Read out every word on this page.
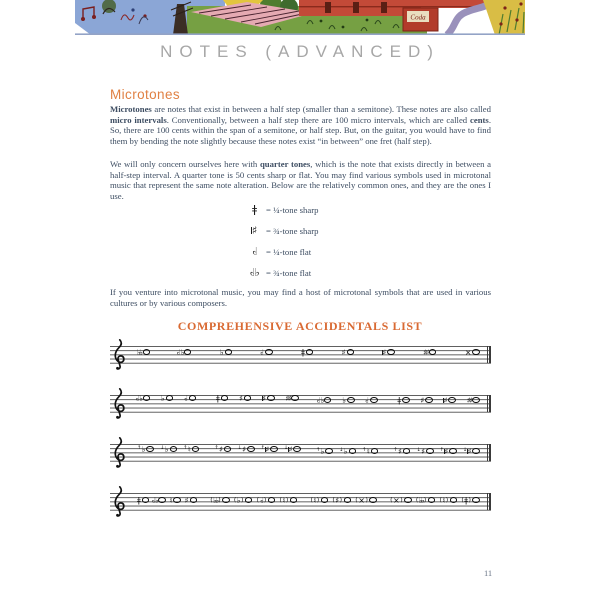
Coda
NOTES (ADVANCED)
Microtones
Microtones are notes that exist in between a half step (smaller than a semitone). These notes are also called micro intervals. Conventionally, between a half step there are 100 micro intervals, which are called cents. So, there are 100 cents within the span of a semitone, or half step. But, on the guitar, you would have to find them by bending the note slightly because these notes exist “in between” one fret (half step).
We will only concern ourselves here with quarter tones, which is the note that exists directly in between a half-step interval. A quarter tone is 50 cents sharp or flat. You may find various symbols used in microtonal music that represent the same note alteration. Below are the relatively common ones, and they are the ones I use.
ǂ	= ¼-tone sharp
♯	= ¾-tone sharp
♭	= ¼-tone flat
♭♭ = ¾-tone flat
If you venture into microtonal music, you may find a host of microtonal symbols that are used in various cultures or by various composers.
COMPREHENSIVE ACCIDENTALS LIST
♭♭	♭♭	♭	♭	ǂ	♯	♯	♯♯	×
♭♭ ♭	♭	ǂ	♯	♯ ♯♯	♭♭ ♭	♭	ǂ	♯	♯ ♯♯
↑ ♭	↓ ♭	↑ ♮	↑ ♯	↓ ♯	↑ ♯	↓ ♯	↑ ♭	↓ ♭	↑ ♮	↑ ♯	↓ ♯	↑ ♯	↓ ♯
ǂ	♭♭ ♮	♯	( ♭♭ ) ( ♭ ) ( ♭ ) ( ♮ )	( ♮ ) ( ♯ ) ( × )	( × ) ( ♭♭ ) ( ♮ ) ( ǂ )
11
